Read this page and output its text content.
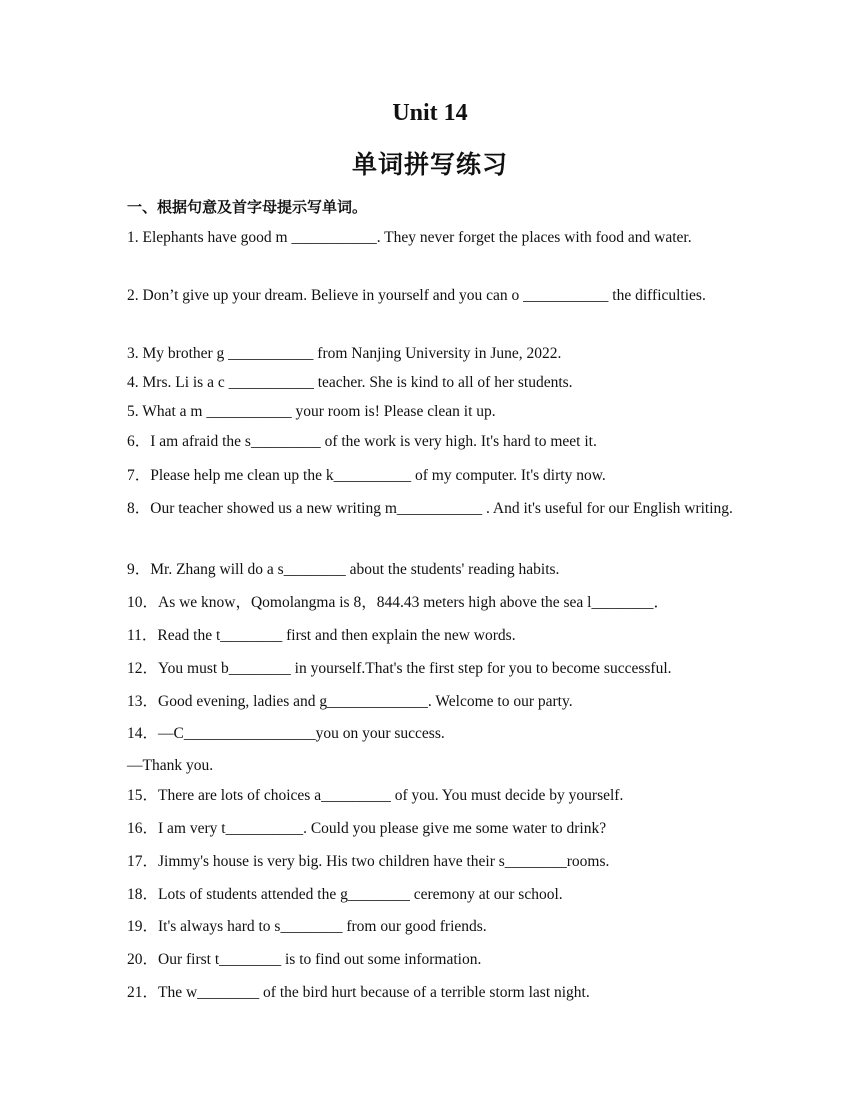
Unit 14
单词拼写练习
一、根据句意及首字母提示写单词。

1. Elephants have good m ___________. They never forget the places with food and water.

2. Don’t give up your dream. Believe in yourself and you can o ___________ the difficulties.

3. My brother g ___________ from Nanjing University in June, 2022.

4. Mrs. Li is a c ___________ teacher. She is kind to all of her students.

5. What a m ___________ your room is! Please clean it up.

6．I am afraid the s_________ of the work is very high. It's hard to meet it.

7．Please help me clean up the k__________ of my computer. It's dirty now.

8．Our teacher showed us a new writing m___________ . And it's useful for our English writing.

9．Mr. Zhang will do a s________ about the students' reading habits.

10．As we know，Qomolangma is 8，844.43 meters high above the sea l________．

11．Read the t________ first and then explain the new words.

12．You must b________ in yourself.That's the first step for you to become successful.

13．Good evening, ladies and g_____________. Welcome to our party.

14．—C_________________you on your success.

—Thank you.

15．There are lots of choices a_________ of you. You must decide by yourself.

16．I am very t__________. Could you please give me some water to drink?

17．Jimmy's house is very big. His two children have their s________rooms.

18．Lots of students attended the g________ ceremony at our school.

19．It's always hard to s________ from our good friends.

20．Our first t________ is to find out some information.

21．The w________ of the bird hurt because of a terrible storm last night.
